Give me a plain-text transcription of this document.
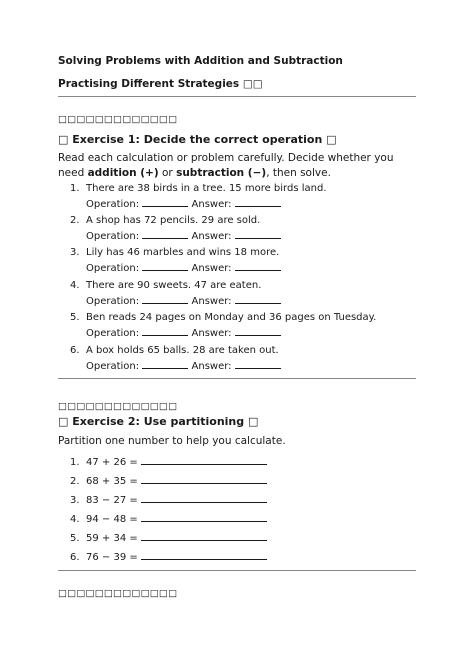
Solving Problems with Addition and Subtraction
Practising Different Strategies □□
□□□□□□□□□□□□□
□ Exercise 1: Decide the correct operation □
Read each calculation or problem carefully. Decide whether you need addition (+) or subtraction (−), then solve.
1. There are 38 birds in a tree. 15 more birds land.
Operation:	Answer:
2. A shop has 72 pencils. 29 are sold.
Operation:	Answer:
3. Lily has 46 marbles and wins 18 more.
Operation:	Answer:
4. There are 90 sweets. 47 are eaten.
Operation:	Answer:
5. Ben reads 24 pages on Monday and 36 pages on Tuesday.
Operation:	Answer:
6. A box holds 65 balls. 28 are taken out.
Operation:	Answer:
□□□□□□□□□□□□□
□ Exercise 2: Use partitioning □
Partition one number to help you calculate.
1. 47 + 26 =
2. 68 + 35 =
3. 83 − 27 =
4. 94 − 48 =
5. 59 + 34 =
6. 76 − 39 =
□□□□□□□□□□□□□
